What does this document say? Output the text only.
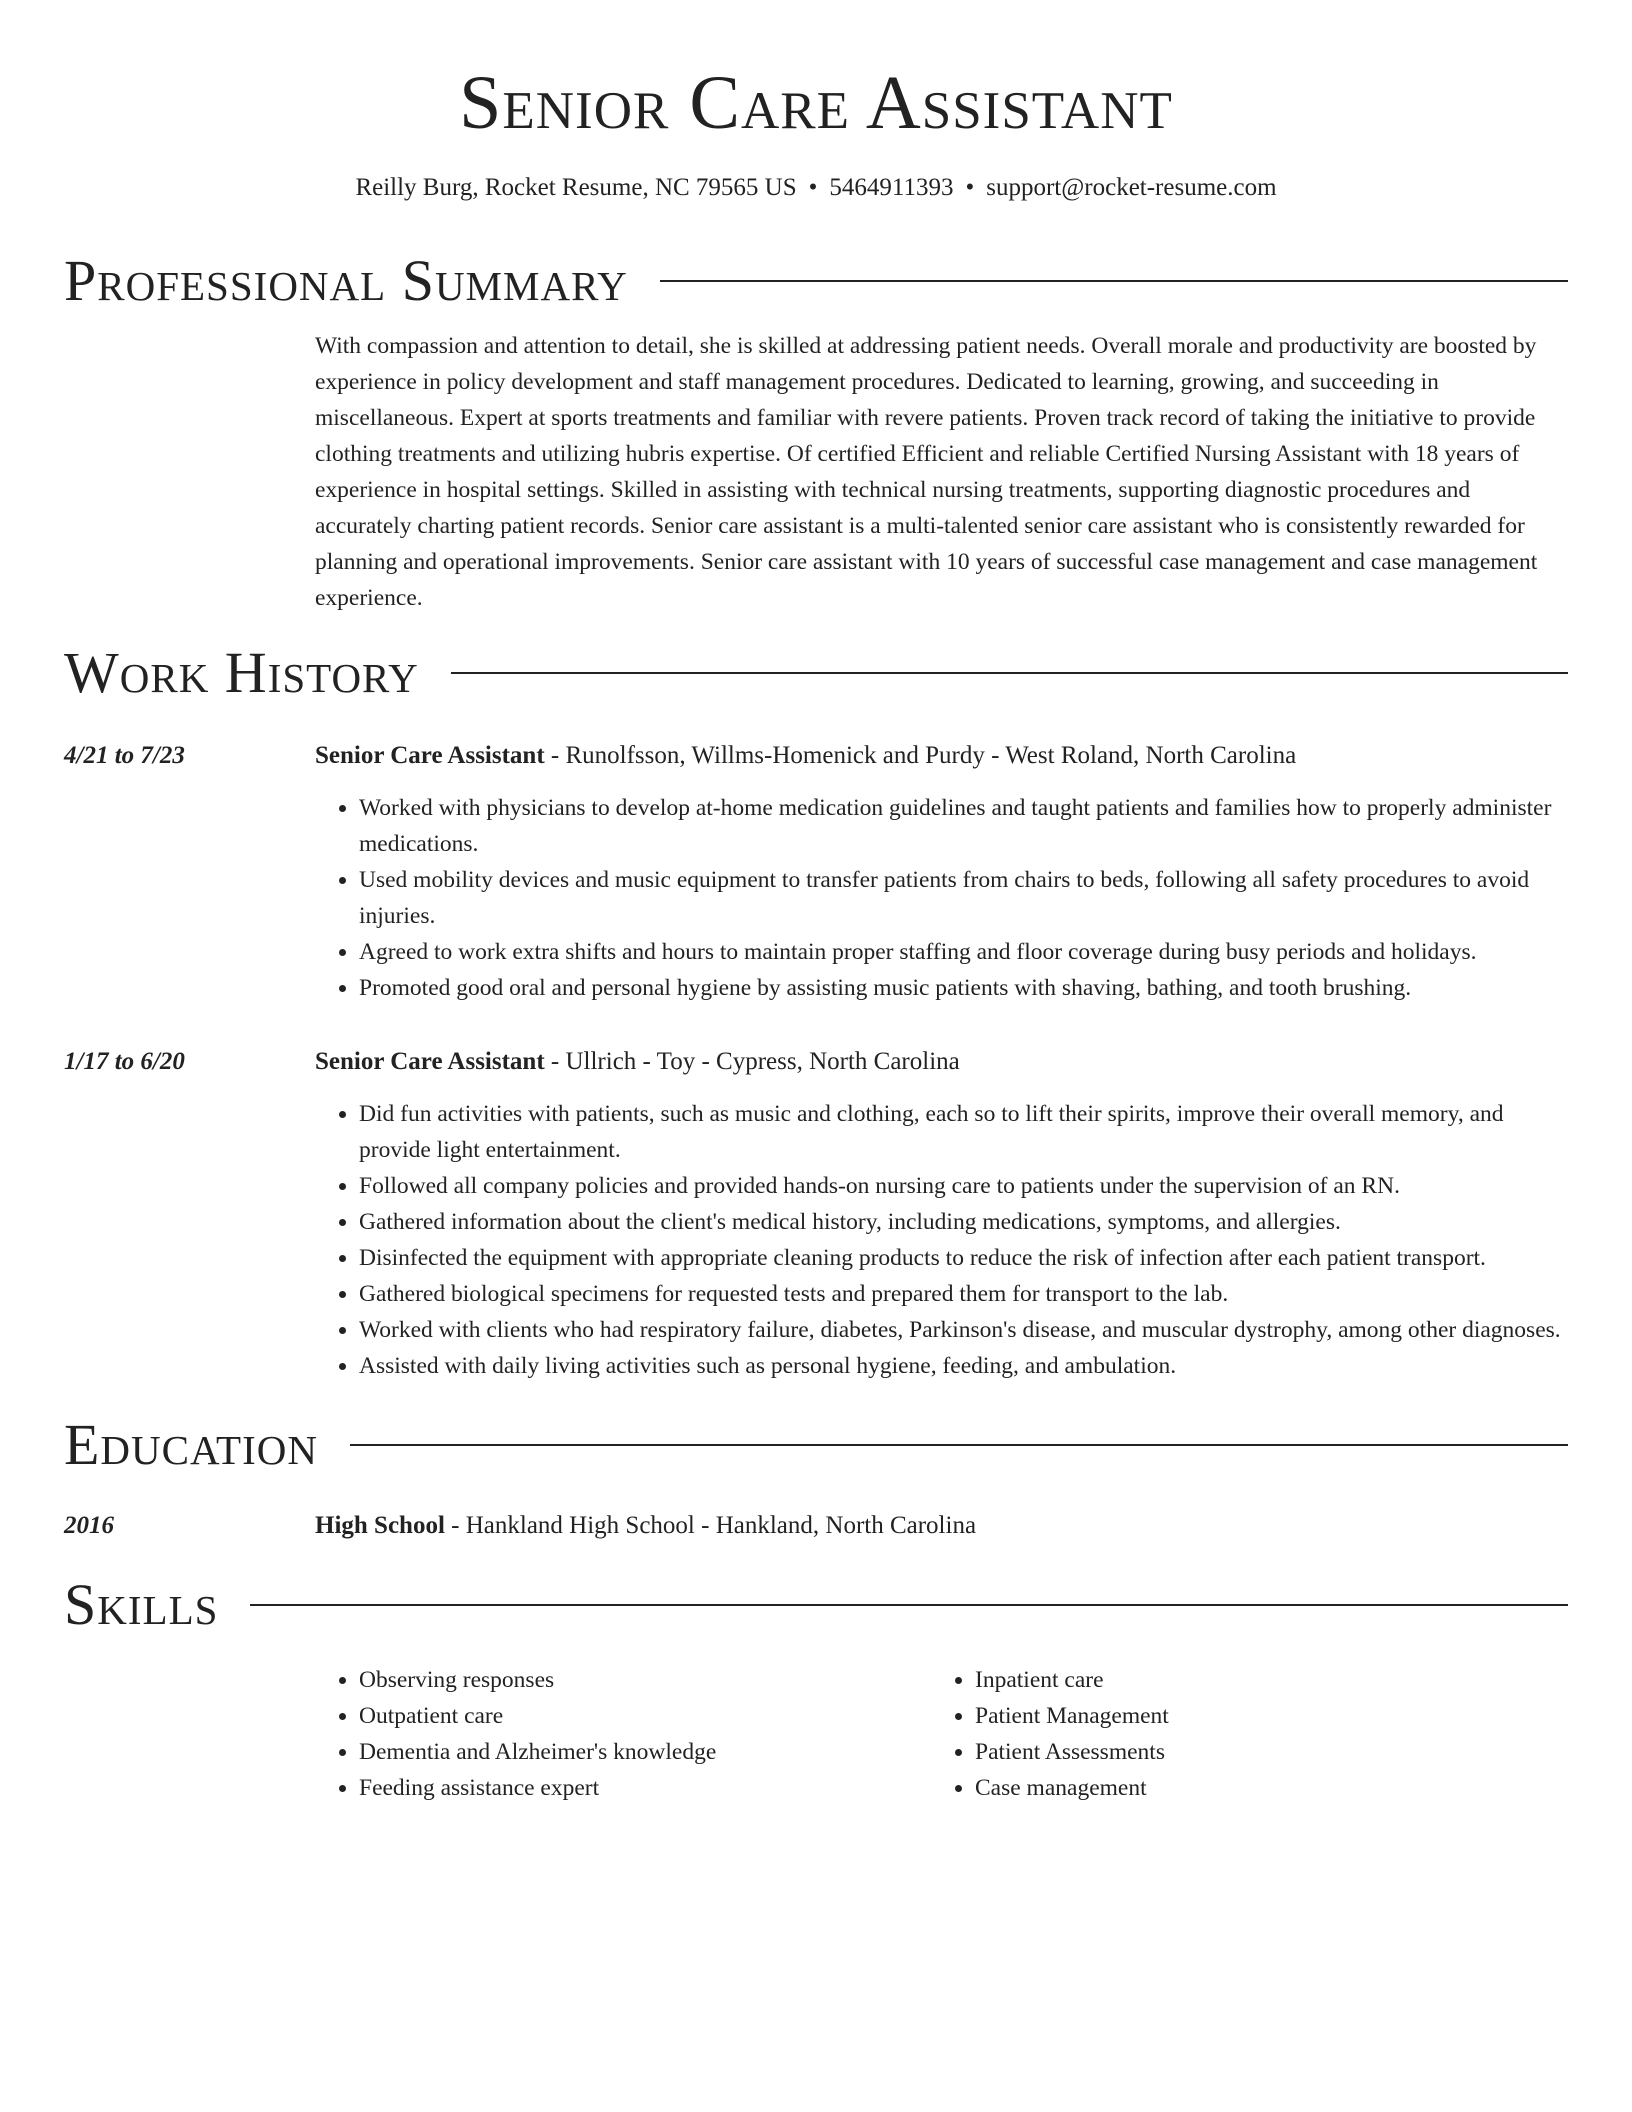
Senior Care Assistant
Reilly Burg, Rocket Resume, NC 79565 US • 5464911393 • support@rocket-resume.com
Professional Summary
With compassion and attention to detail, she is skilled at addressing patient needs. Overall morale and productivity are boosted by experience in policy development and staff management procedures. Dedicated to learning, growing, and succeeding in miscellaneous. Expert at sports treatments and familiar with revere patients. Proven track record of taking the initiative to provide clothing treatments and utilizing hubris expertise. Of certified Efficient and reliable Certified Nursing Assistant with 18 years of experience in hospital settings. Skilled in assisting with technical nursing treatments, supporting diagnostic procedures and accurately charting patient records. Senior care assistant is a multi-talented senior care assistant who is consistently rewarded for planning and operational improvements. Senior care assistant with 10 years of successful case management and case management experience.
Work History
4/21 to 7/23	Senior Care Assistant - Runolfsson, Willms-Homenick and Purdy - West Roland, North Carolina
• Worked with physicians to develop at-home medication guidelines and taught patients and families how to properly administer medications.
• Used mobility devices and music equipment to transfer patients from chairs to beds, following all safety procedures to avoid injuries.
• Agreed to work extra shifts and hours to maintain proper staffing and floor coverage during busy periods and holidays.
• Promoted good oral and personal hygiene by assisting music patients with shaving, bathing, and tooth brushing.
1/17 to 6/20	Senior Care Assistant - Ullrich - Toy - Cypress, North Carolina
• Did fun activities with patients, such as music and clothing, each so to lift their spirits, improve their overall memory, and provide light entertainment.
• Followed all company policies and provided hands-on nursing care to patients under the supervision of an RN.
• Gathered information about the client's medical history, including medications, symptoms, and allergies.
• Disinfected the equipment with appropriate cleaning products to reduce the risk of infection after each patient transport.
• Gathered biological specimens for requested tests and prepared them for transport to the lab.
• Worked with clients who had respiratory failure, diabetes, Parkinson's disease, and muscular dystrophy, among other diagnoses.
• Assisted with daily living activities such as personal hygiene, feeding, and ambulation.
Education
2016	High School - Hankland High School - Hankland, North Carolina
Skills
• Observing responses
• Outpatient care
• Dementia and Alzheimer's knowledge
• Feeding assistance expert
• Inpatient care
• Patient Management
• Patient Assessments
• Case management
